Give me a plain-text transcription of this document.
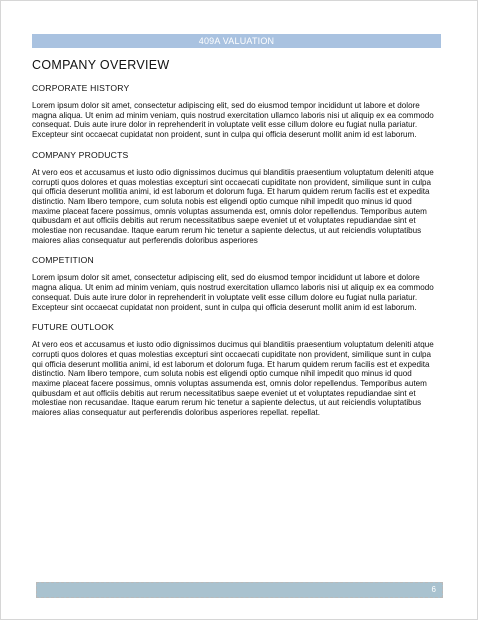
409A VALUATION
COMPANY OVERVIEW
CORPORATE HISTORY

Lorem ipsum dolor sit amet, consectetur adipiscing elit, sed do eiusmod tempor incididunt ut labore et dolore magna aliqua. Ut enim ad minim veniam, quis nostrud exercitation ullamco laboris nisi ut aliquip ex ea commodo consequat. Duis aute irure dolor in reprehenderit in voluptate velit esse cillum dolore eu fugiat nulla pariatur. Excepteur sint occaecat cupidatat non proident, sunt in culpa qui officia deserunt mollit anim id est laborum.

COMPANY PRODUCTS

At vero eos et accusamus et iusto odio dignissimos ducimus qui blanditiis praesentium voluptatum deleniti atque corrupti quos dolores et quas molestias excepturi sint occaecati cupiditate non provident, similique sunt in culpa qui officia deserunt mollitia animi, id est laborum et dolorum fuga. Et harum quidem rerum facilis est et expedita distinctio. Nam libero tempore, cum soluta nobis est eligendi optio cumque nihil impedit quo minus id quod maxime placeat facere possimus, omnis voluptas assumenda est, omnis dolor repellendus. Temporibus autem quibusdam et aut officiis debitis aut rerum necessitatibus saepe eveniet ut et voluptates repudiandae sint et molestiae non recusandae. Itaque earum rerum hic tenetur a sapiente delectus, ut aut reiciendis voluptatibus maiores alias consequatur aut perferendis doloribus asperiores

COMPETITION

Lorem ipsum dolor sit amet, consectetur adipiscing elit, sed do eiusmod tempor incididunt ut labore et dolore magna aliqua. Ut enim ad minim veniam, quis nostrud exercitation ullamco laboris nisi ut aliquip ex ea commodo consequat. Duis aute irure dolor in reprehenderit in voluptate velit esse cillum dolore eu fugiat nulla pariatur. Excepteur sint occaecat cupidatat non proident, sunt in culpa qui officia deserunt mollit anim id est laborum.

FUTURE OUTLOOK

At vero eos et accusamus et iusto odio dignissimos ducimus qui blanditiis praesentium voluptatum deleniti atque corrupti quos dolores et quas molestias excepturi sint occaecati cupiditate non provident, similique sunt in culpa qui officia deserunt mollitia animi, id est laborum et dolorum fuga. Et harum quidem rerum facilis est et expedita distinctio. Nam libero tempore, cum soluta nobis est eligendi optio cumque nihil impedit quo minus id quod maxime placeat facere possimus, omnis voluptas assumenda est, omnis dolor repellendus. Temporibus autem quibusdam et aut officiis debitis aut rerum necessitatibus saepe eveniet ut et voluptates repudiandae sint et molestiae non recusandae. Itaque earum rerum hic tenetur a sapiente delectus, ut aut reiciendis voluptatibus maiores alias consequatur aut perferendis doloribus asperiores repellat. repellat.

6
